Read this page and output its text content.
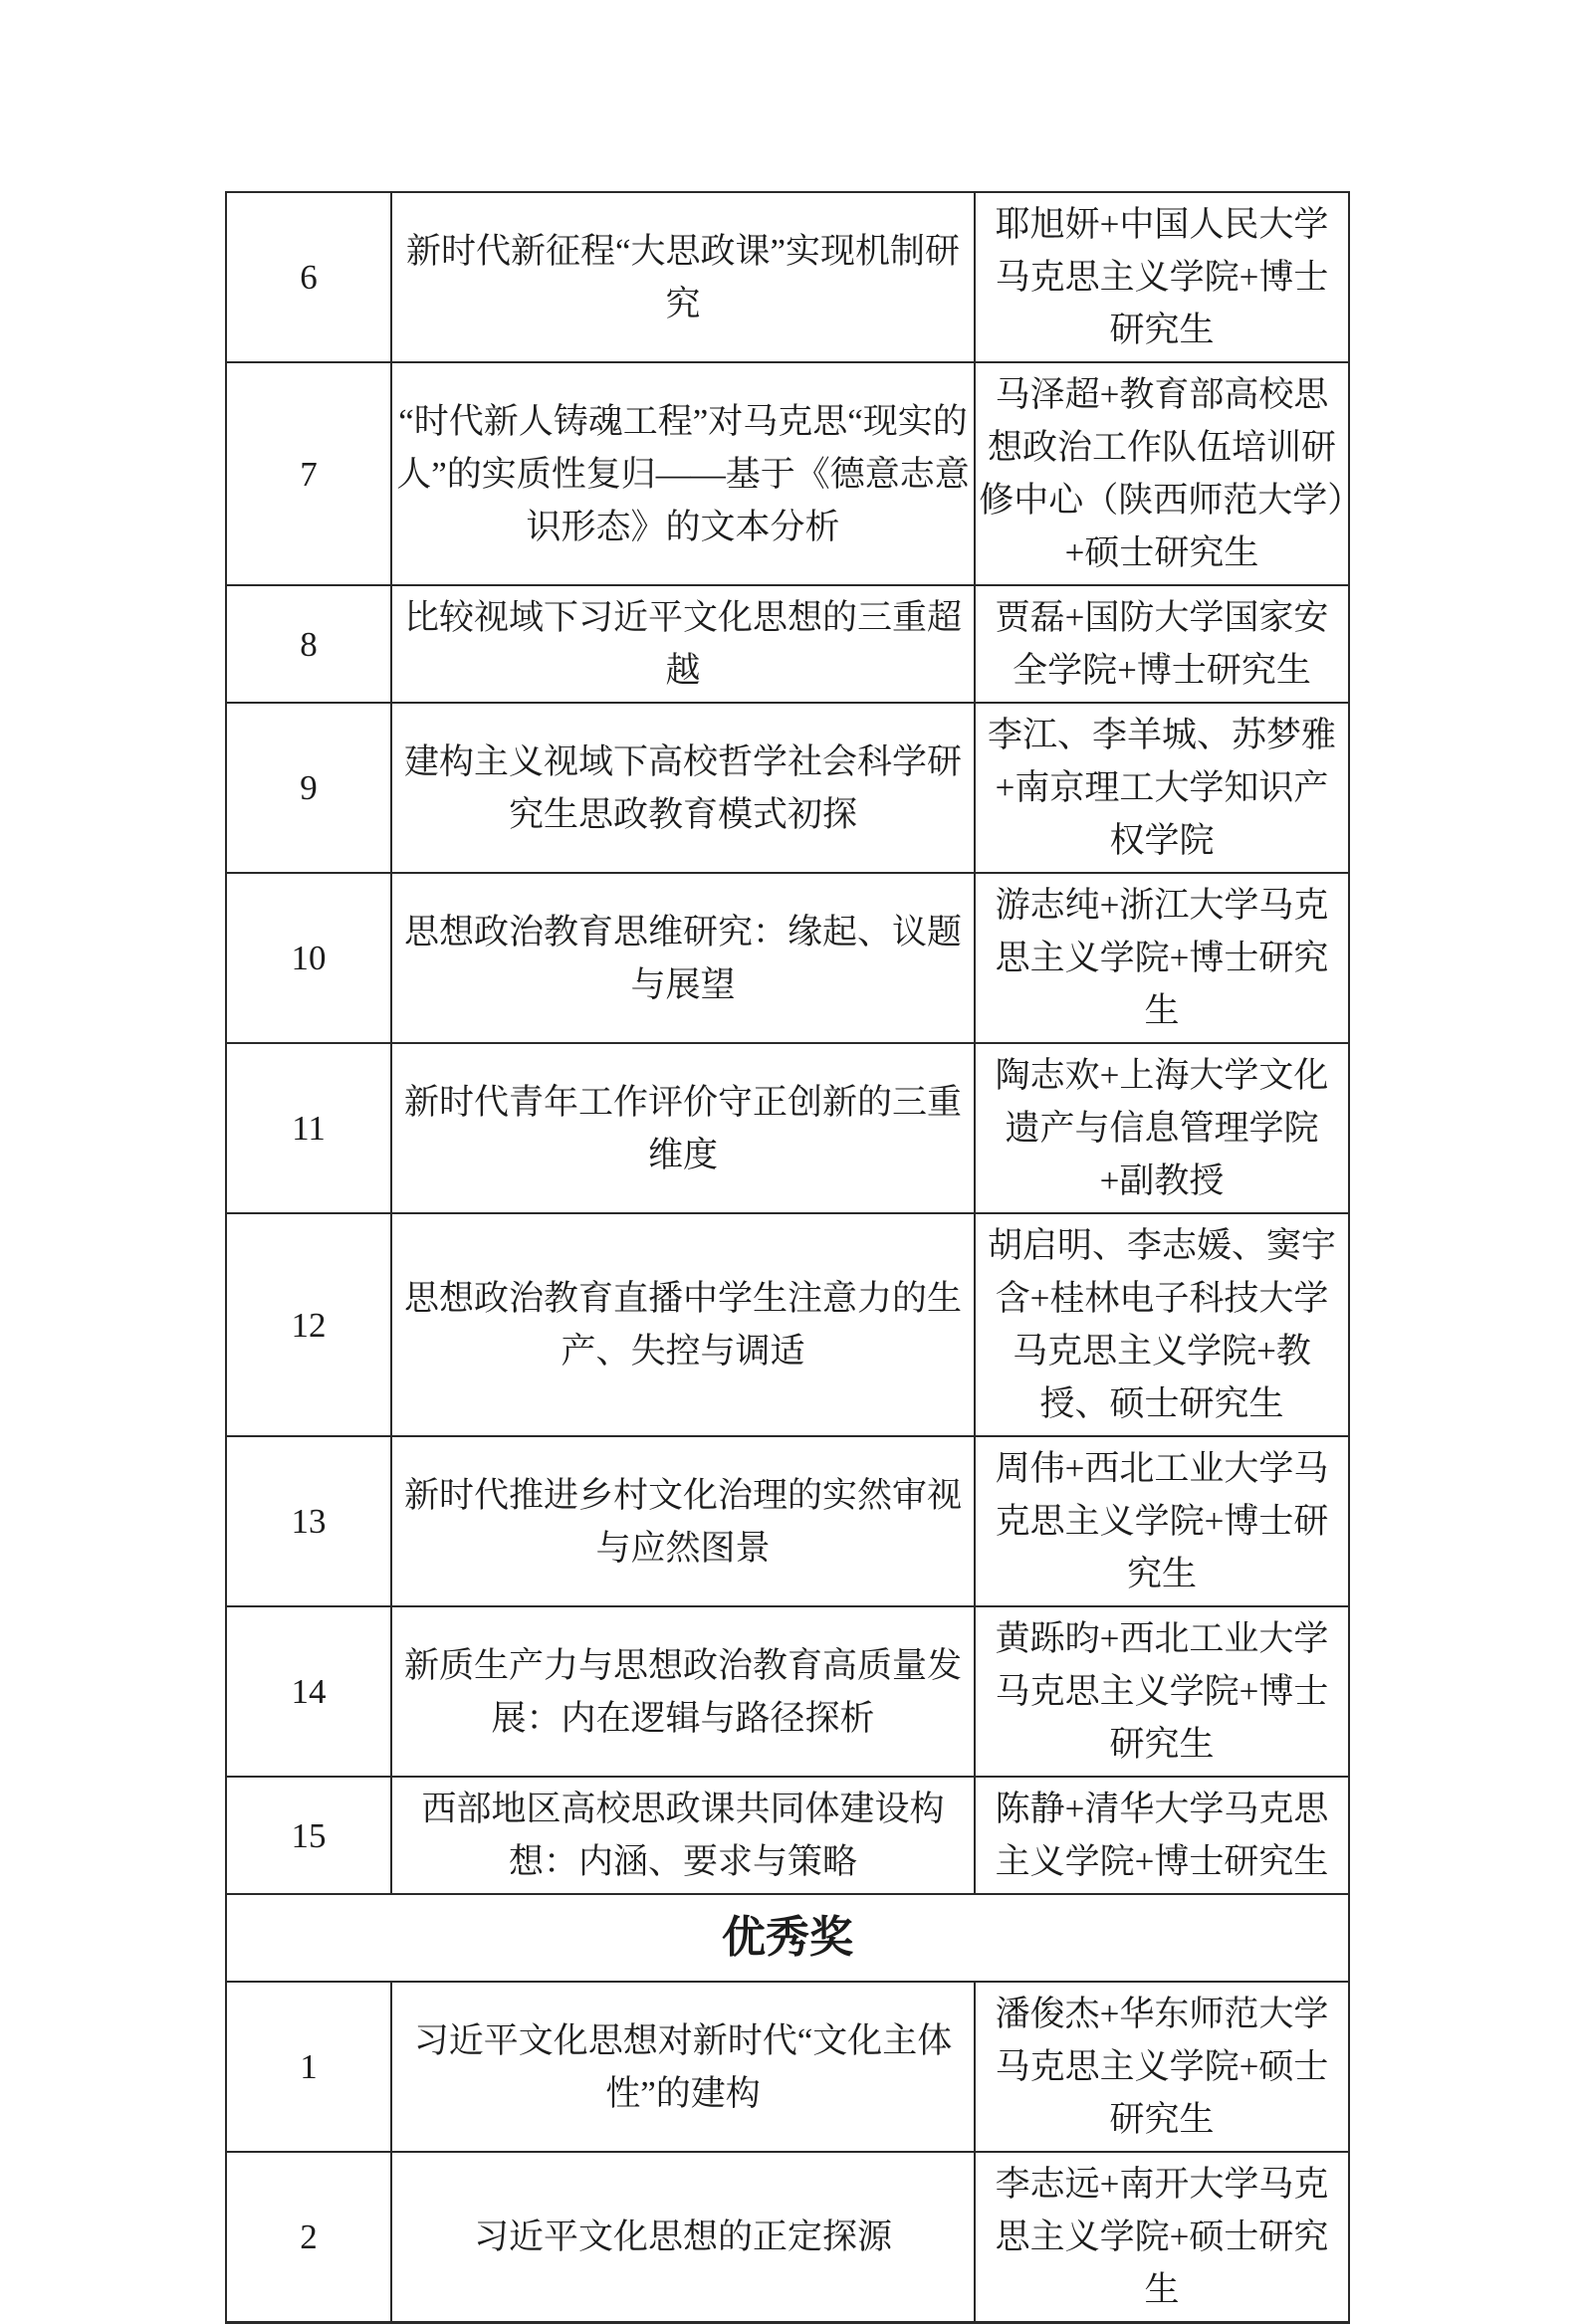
6	新时代新征程“大思政课”实现机制研究	耶旭妍+中国人民大学马克思主义学院+博士研究生
7	“时代新人铸魂工程”对马克思“现实的人”的实质性复归——基于《德意志意识形态》的文本分析	马泽超+教育部高校思想政治工作队伍培训研修中心（陕西师范大学）+硕士研究生
8	比较视域下习近平文化思想的三重超越	贾磊+国防大学国家安全学院+博士研究生
9	建构主义视域下高校哲学社会科学研究生思政教育模式初探	李江、李羊城、苏梦雅+南京理工大学知识产权学院
10	思想政治教育思维研究：缘起、议题与展望	游志纯+浙江大学马克思主义学院+博士研究生
11	新时代青年工作评价守正创新的三重维度	陶志欢+上海大学文化遗产与信息管理学院+副教授
12	思想政治教育直播中学生注意力的生产、失控与调适	胡启明、李志媛、窦宇含+桂林电子科技大学马克思主义学院+教授、硕士研究生
13	新时代推进乡村文化治理的实然审视与应然图景	周伟+西北工业大学马克思主义学院+博士研究生
14	新质生产力与思想政治教育高质量发展：内在逻辑与路径探析	黄跞昀+西北工业大学马克思主义学院+博士研究生
15	西部地区高校思政课共同体建设构想：内涵、要求与策略	陈静+清华大学马克思主义学院+博士研究生
优秀奖		
1	习近平文化思想对新时代“文化主体性”的建构	潘俊杰+华东师范大学马克思主义学院+硕士研究生
2	习近平文化思想的正定探源	李志远+南开大学马克思主义学院+硕士研究生
